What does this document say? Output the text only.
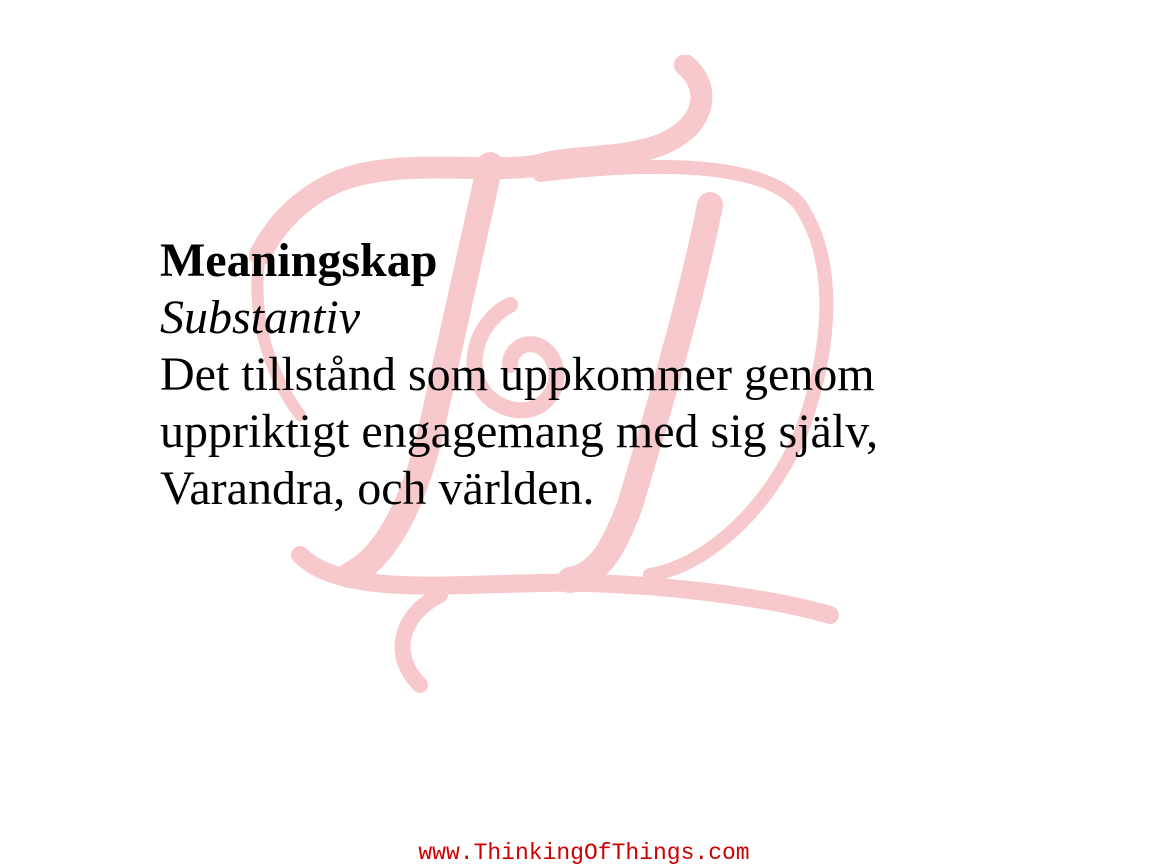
Meaningskap
Substantiv
Det tillstånd som uppkommer genom
uppriktigt engagemang med sig själv,
Varandra, och världen.
www.ThinkingOfThings.com
